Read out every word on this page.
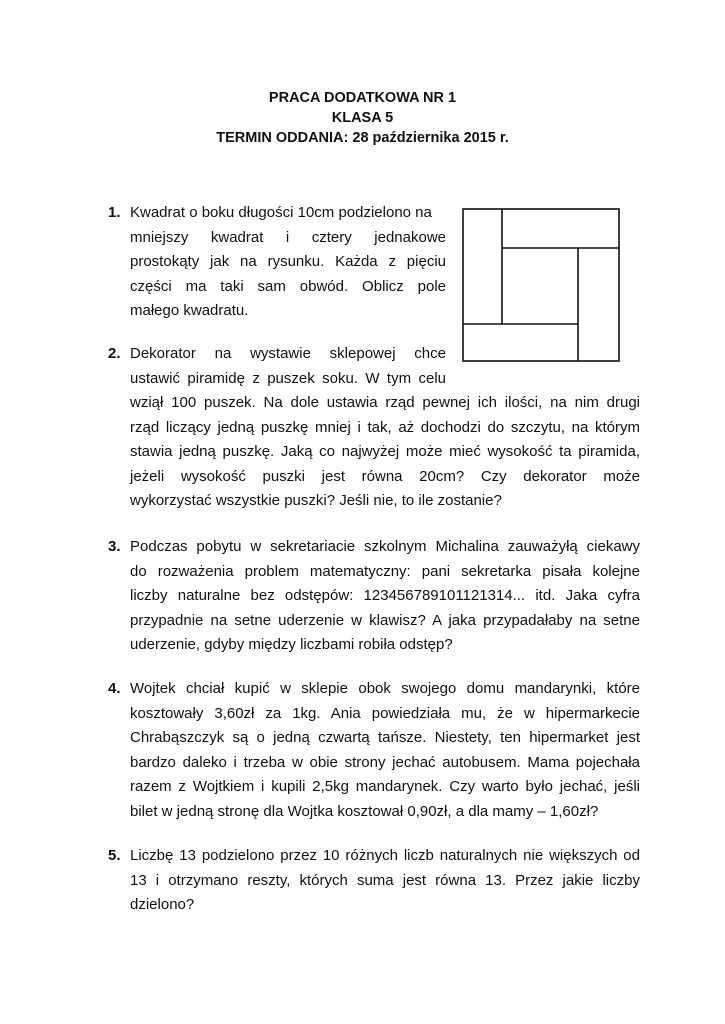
PRACA DODATKOWA NR 1
KLASA 5
TERMIN ODDANIA: 28 października 2015 r.
1. Kwadrat o boku długości 10cm podzielono na
mniejszy kwadrat i cztery jednakowe
prostokąty jak na rysunku. Każda z pięciu
części ma taki sam obwód. Oblicz pole
małego kwadratu.
2. Dekorator na wystawie sklepowej chce
ustawić piramidę z puszek soku. W tym celu
wziął 100 puszek. Na dole ustawia rząd pewnej ich ilości, na nim drugi
rząd liczący jedną puszkę mniej i tak, aż dochodzi do szczytu, na którym
stawia jedną puszkę. Jaką co najwyżej może mieć wysokość ta piramida,
jeżeli wysokość puszki jest równa 20cm? Czy dekorator może
wykorzystać wszystkie puszki? Jeśli nie, to ile zostanie?
3. Podczas pobytu w sekretariacie szkolnym Michalina zauważyłą ciekawy
do rozważenia problem matematyczny: pani sekretarka pisała kolejne
liczby naturalne bez odstępów: 123456789101121314... itd. Jaka cyfra
przypadnie na setne uderzenie w klawisz? A jaka przypadałaby na setne
uderzenie, gdyby między liczbami robiła odstęp?
4. Wojtek chciał kupić w sklepie obok swojego domu mandarynki, które
kosztowały 3,60zł za 1kg. Ania powiedziała mu, że w hipermarkecie
Chrabąszczyk są o jedną czwartą tańsze. Niestety, ten hipermarket jest
bardzo daleko i trzeba w obie strony jechać autobusem. Mama pojechała
razem z Wojtkiem i kupili 2,5kg mandarynek. Czy warto było jechać, jeśli
bilet w jedną stronę dla Wojtka kosztował 0,90zł, a dla mamy – 1,60zł?
5. Liczbę 13 podzielono przez 10 różnych liczb naturalnych nie większych od
13 i otrzymano reszty, których suma jest równa 13. Przez jakie liczby
dzielono?
